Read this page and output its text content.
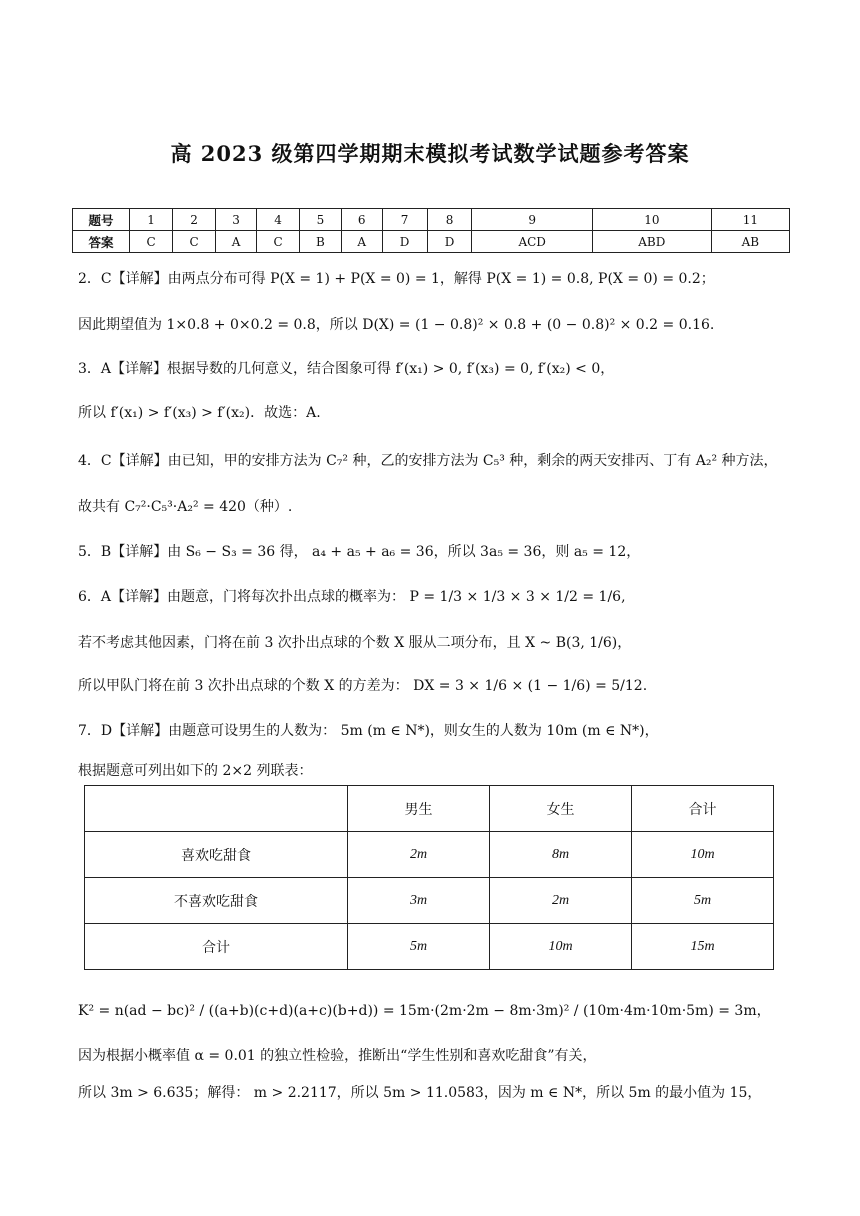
高 2023 级第四学期期末模拟考试数学试题参考答案
题号	1	2	3	4	5	6	7	8	9	10	11
答案	C	C	A	C	B	A	D	D	ACD	ABD	AB
2．C【详解】由两点分布可得 P(X = 1) + P(X = 0) = 1，解得 P(X = 1) = 0.8, P(X = 0) = 0.2；
因此期望值为 1×0.8 + 0×0.2 = 0.8，所以 D(X) = (1 − 0.8)² × 0.8 + (0 − 0.8)² × 0.2 = 0.16.
3．A【详解】根据导数的几何意义，结合图象可得 f′(x₁) > 0, f′(x₃) = 0, f′(x₂) < 0，
所以 f′(x₁) > f′(x₃) > f′(x₂)．故选：A.
4．C【详解】由已知，甲的安排方法为 C₇² 种，乙的安排方法为 C₅³ 种，剩余的两天安排丙、丁有 A₂² 种方法，
故共有 C₇²·C₅³·A₂² = 420（种）.
5．B【详解】由 S₆ − S₃ = 36 得， a₄ + a₅ + a₆ = 36，所以 3a₅ = 36，则 a₅ = 12，
6．A【详解】由题意，门将每次扑出点球的概率为： P = 1/3 × 1/3 × 3 × 1/2 = 1/6,
若不考虑其他因素，门将在前 3 次扑出点球的个数 X 服从二项分布，且 X ~ B(3, 1/6)，
所以甲队门将在前 3 次扑出点球的个数 X 的方差为： DX = 3 × 1/6 × (1 − 1/6) = 5/12.
7．D【详解】由题意可设男生的人数为： 5m (m ∈ N*)，则女生的人数为 10m (m ∈ N*)，
根据题意可列出如下的 2×2 列联表：
	男生	女生	合计
喜欢吃甜食	2m	8m	10m
不喜欢吃甜食	3m	2m	5m
合计	5m	10m	15m
K² = n(ad − bc)² / ((a+b)(c+d)(a+c)(b+d)) = 15m·(2m·2m − 8m·3m)² / (10m·4m·10m·5m) = 3m，
因为根据小概率值 α = 0.01 的独立性检验，推断出“学生性别和喜欢吃甜食”有关，
所以 3m > 6.635；解得： m > 2.2117，所以 5m > 11.0583，因为 m ∈ N*，所以 5m 的最小值为 15，
